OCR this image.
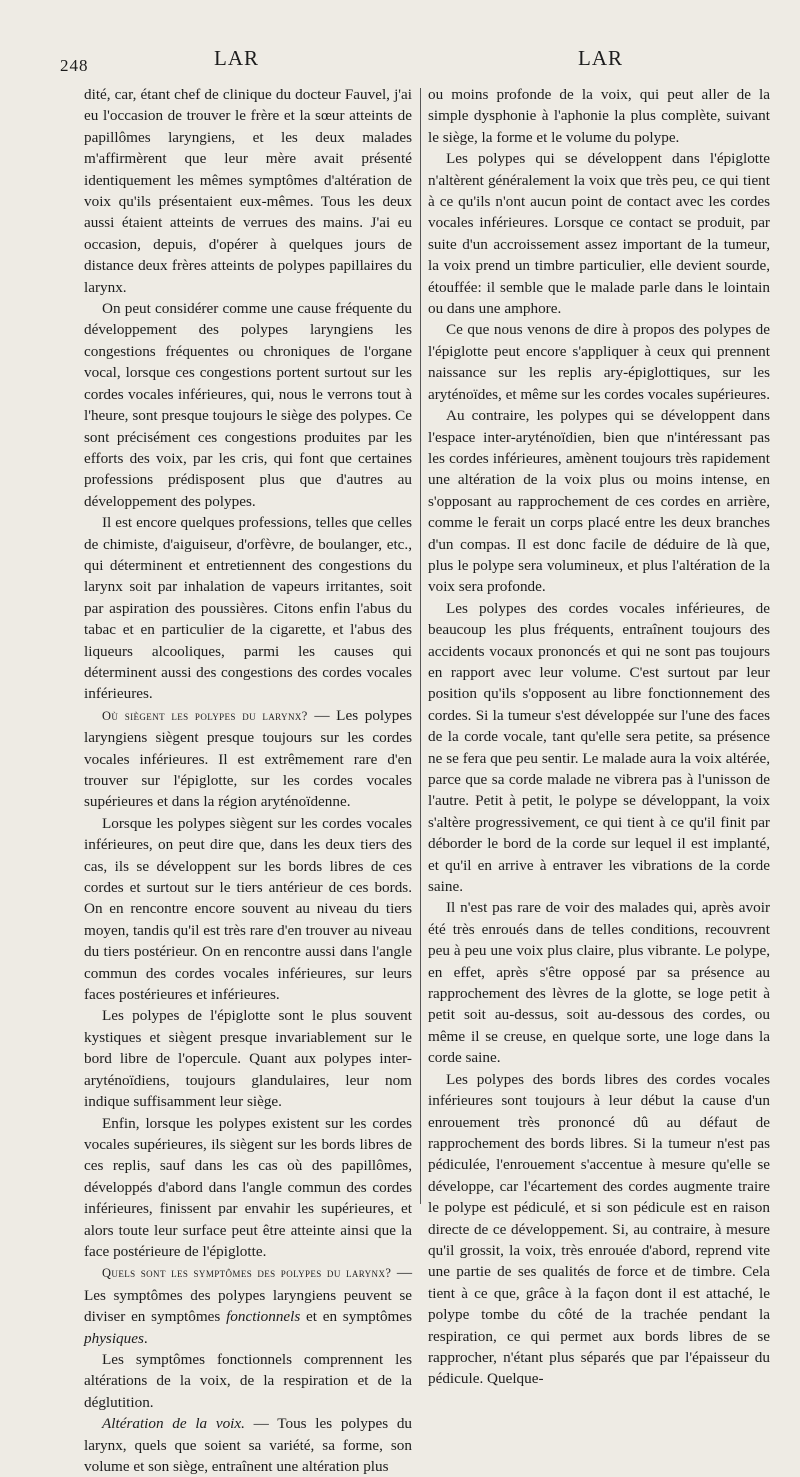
248	LAR	LAR

dité, car, étant chef de clinique du docteur Fauvel, j'ai eu l'occasion de trouver le frère et la sœur atteints de papillômes laryngiens, et les deux malades m'affirmèrent que leur mère avait présenté identiquement les mêmes symptômes d'altération de voix qu'ils présentaient eux-mêmes. Tous les deux aussi étaient atteints de verrues des mains. J'ai eu occasion, depuis, d'opérer à quelques jours de distance deux frères atteints de polypes papillaires du larynx.

On peut considérer comme une cause fréquente du développement des polypes laryngiens les congestions fréquentes ou chroniques de l'organe vocal, lorsque ces congestions portent surtout sur les cordes vocales inférieures, qui, nous le verrons tout à l'heure, sont presque toujours le siège des polypes. Ce sont précisément ces congestions produites par les efforts des voix, par les cris, qui font que certaines professions prédisposent plus que d'autres au développement des polypes.

Il est encore quelques professions, telles que celles de chimiste, d'aiguiseur, d'orfèvre, de boulanger, etc., qui déterminent et entretiennent des congestions du larynx soit par inhalation de vapeurs irritantes, soit par aspiration des poussières. Citons enfin l'abus du tabac et en particulier de la cigarette, et l'abus des liqueurs alcooliques, parmi les causes qui déterminent aussi des congestions des cordes vocales inférieures.

Où siègent les polypes du larynx? — Les polypes laryngiens siègent presque toujours sur les cordes vocales inférieures. Il est extrêmement rare d'en trouver sur l'épiglotte, sur les cordes vocales supérieures et dans la région aryténoïdenne.

Lorsque les polypes siègent sur les cordes vocales inférieures, on peut dire que, dans les deux tiers des cas, ils se développent sur les bords libres de ces cordes et surtout sur le tiers antérieur de ces bords. On en rencontre encore souvent au niveau du tiers moyen, tandis qu'il est très rare d'en trouver au niveau du tiers postérieur. On en rencontre aussi dans l'angle commun des cordes vocales inférieures, sur leurs faces postérieures et inférieures.

Les polypes de l'épiglotte sont le plus souvent kystiques et siègent presque invariablement sur le bord libre de l'opercule. Quant aux polypes inter-aryténoïdiens, toujours glandulaires, leur nom indique suffisamment leur siège.

Enfin, lorsque les polypes existent sur les cordes vocales supérieures, ils siègent sur les bords libres de ces replis, sauf dans les cas où des papillômes, développés d'abord dans l'angle commun des cordes inférieures, finissent par envahir les supérieures, et alors toute leur surface peut être atteinte ainsi que la face postérieure de l'épiglotte.

Quels sont les symptômes des polypes du larynx? — Les symptômes des polypes laryngiens peuvent se diviser en symptômes fonctionnels et en symptômes physiques.

Les symptômes fonctionnels comprennent les altérations de la voix, de la respiration et de la déglutition.

Altération de la voix. — Tous les polypes du larynx, quels que soient sa variété, sa forme, son volume et son siège, entraînent une altération plus

ou moins profonde de la voix, qui peut aller de la simple dysphonie à l'aphonie la plus complète, suivant le siège, la forme et le volume du polype.

Les polypes qui se développent dans l'épiglotte n'altèrent généralement la voix que très peu, ce qui tient à ce qu'ils n'ont aucun point de contact avec les cordes vocales inférieures. Lorsque ce contact se produit, par suite d'un accroissement assez important de la tumeur, la voix prend un timbre particulier, elle devient sourde, étouffée: il semble que le malade parle dans le lointain ou dans une amphore.

Ce que nous venons de dire à propos des polypes de l'épiglotte peut encore s'appliquer à ceux qui prennent naissance sur les replis ary-épiglottiques, sur les aryténoïdes, et même sur les cordes vocales supérieures.

Au contraire, les polypes qui se développent dans l'espace inter-aryténoïdien, bien que n'intéressant pas les cordes inférieures, amènent toujours très rapidement une altération de la voix plus ou moins intense, en s'opposant au rapprochement de ces cordes en arrière, comme le ferait un corps placé entre les deux branches d'un compas. Il est donc facile de déduire de là que, plus le polype sera volumineux, et plus l'altération de la voix sera profonde.

Les polypes des cordes vocales inférieures, de beaucoup les plus fréquents, entraînent toujours des accidents vocaux prononcés et qui ne sont pas toujours en rapport avec leur volume. C'est surtout par leur position qu'ils s'opposent au libre fonctionnement des cordes. Si la tumeur s'est développée sur l'une des faces de la corde vocale, tant qu'elle sera petite, sa présence ne se fera que peu sentir. Le malade aura la voix altérée, parce que sa corde malade ne vibrera pas à l'unisson de l'autre. Petit à petit, le polype se développant, la voix s'altère progressivement, ce qui tient à ce qu'il finit par déborder le bord de la corde sur lequel il est implanté, et qu'il en arrive à entraver les vibrations de la corde saine.

Il n'est pas rare de voir des malades qui, après avoir été très enroués dans de telles conditions, recouvrent peu à peu une voix plus claire, plus vibrante. Le polype, en effet, après s'être opposé par sa présence au rapprochement des lèvres de la glotte, se loge petit à petit soit au-dessus, soit au-dessous des cordes, ou même il se creuse, en quelque sorte, une loge dans la corde saine.

Les polypes des bords libres des cordes vocales inférieures sont toujours à leur début la cause d'un enrouement très prononcé dû au défaut de rapprochement des bords libres. Si la tumeur n'est pas pédiculée, l'enrouement s'accentue à mesure qu'elle se développe, car l'écartement des cordes augmente traire le polype est pédiculé, et si son pédicule est en raison directe de ce développement. Si, au contraire, à mesure qu'il grossit, la voix, très enrouée d'abord, reprend vite une partie de ses qualités de force et de timbre. Cela tient à ce que, grâce à la façon dont il est attaché, le polype tombe du côté de la trachée pendant la respiration, ce qui permet aux bords libres de se rapprocher, n'étant plus séparés que par l'épaisseur du pédicule. Quelque-
